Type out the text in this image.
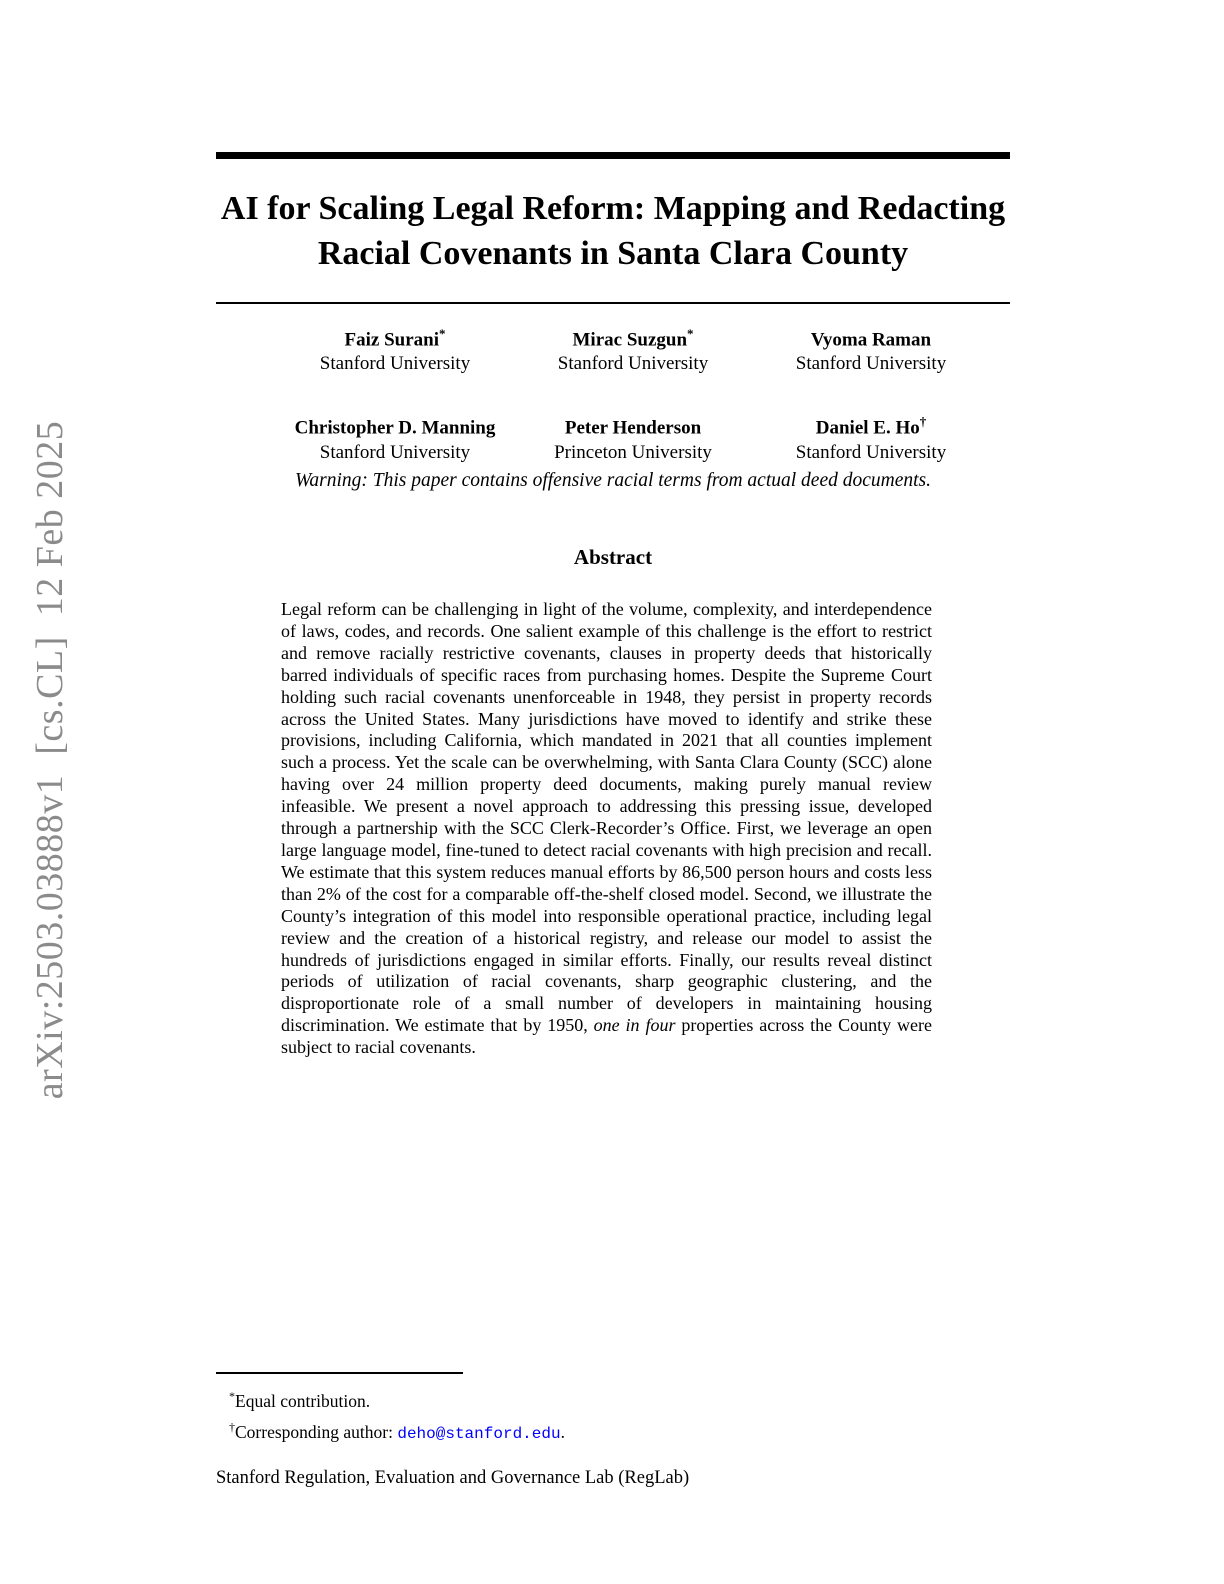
arXiv:2503.03888v1  [cs.CL]  12 Feb 2025
AI for Scaling Legal Reform: Mapping and Redacting
Racial Covenants in Santa Clara County
Faiz Surani*
Stanford University
Mirac Suzgun*
Stanford University
Vyoma Raman
Stanford University
Christopher D. Manning
Stanford University
Peter Henderson
Princeton University
Daniel E. Ho†
Stanford University
Warning: This paper contains offensive racial terms from actual deed documents.
Abstract
Legal reform can be challenging in light of the volume, complexity, and interdependence of laws, codes, and records. One salient example of this challenge is the effort to restrict and remove racially restrictive covenants, clauses in property deeds that historically barred individuals of specific races from purchasing homes. Despite the Supreme Court holding such racial covenants unenforceable in 1948, they persist in property records across the United States. Many jurisdictions have moved to identify and strike these provisions, including California, which mandated in 2021 that all counties implement such a process. Yet the scale can be overwhelming, with Santa Clara County (SCC) alone having over 24 million property deed documents, making purely manual review infeasible. We present a novel approach to addressing this pressing issue, developed through a partnership with the SCC Clerk-Recorder’s Office. First, we leverage an open large language model, fine-tuned to detect racial covenants with high precision and recall. We estimate that this system reduces manual efforts by 86,500 person hours and costs less than 2% of the cost for a comparable off-the-shelf closed model. Second, we illustrate the County’s integration of this model into responsible operational practice, including legal review and the creation of a historical registry, and release our model to assist the hundreds of jurisdictions engaged in similar efforts. Finally, our results reveal distinct periods of utilization of racial covenants, sharp geographic clustering, and the disproportionate role of a small number of developers in maintaining housing discrimination. We estimate that by 1950, one in four properties across the County were subject to racial covenants.
*Equal contribution.
†Corresponding author: deho@stanford.edu.
Stanford Regulation, Evaluation and Governance Lab (RegLab)
